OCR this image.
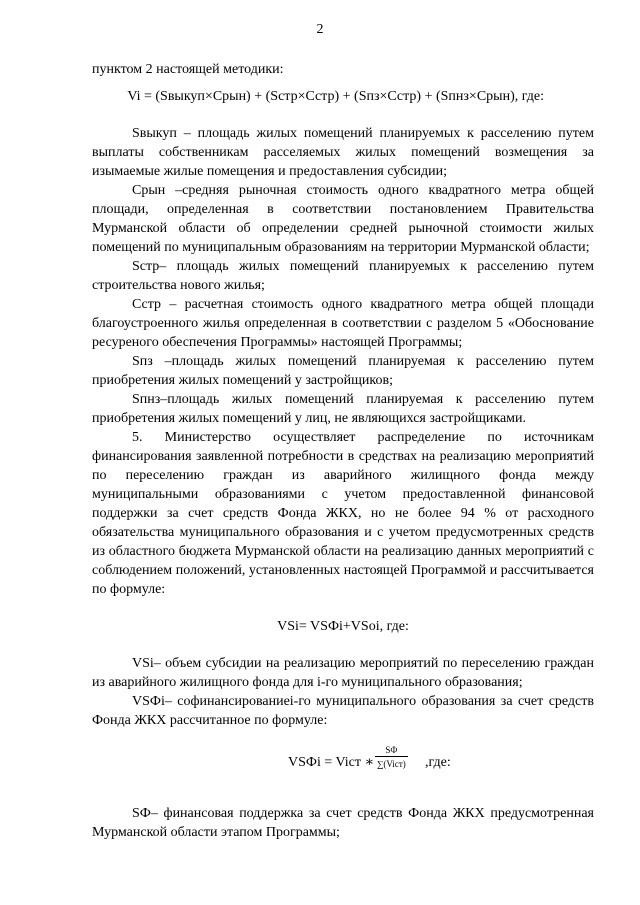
2

пунктом 2 настоящей методики:

Vi = (Sвыкуп×Срын) + (Sстр×Сстр) + (Sпз×Сстр) + (Sпнз×Срын), где:

Sвыкуп – площадь жилых помещений планируемых к расселению путем выплаты собственникам расселяемых жилых помещений возмещения за изымаемые жилые помещения и предоставления субсидии;

Срын –средняя рыночная стоимость одного квадратного метра общей площади, определенная в соответствии постановлением Правительства Мурманской области об определении средней рыночной стоимости жилых помещений по муниципальным образованиям на территории Мурманской области;

Sстр– площадь жилых помещений планируемых к расселению путем строительства нового жилья;

Сстр – расчетная стоимость одного квадратного метра общей площади благоустроенного жилья определенная в соответствии с разделом 5 «Обоснование ресуреного обеспечения Программы» настоящей Программы;

Sпз –площадь жилых помещений планируемая к расселению путем приобретения жилых помещений у застройщиков;

Sпнз–площадь жилых помещений планируемая к расселению путем приобретения жилых помещений у лиц, не являющихся застройщиками.

5. Министерство осуществляет распределение по источникам финансирования заявленной потребности в средствах на реализацию мероприятий по переселению граждан из аварийного жилищного фонда между муниципальными образованиями с учетом предоставленной финансовой поддержки за счет средств Фонда ЖКХ, но не более 94 % от расходного обязательства муниципального образования и с учетом предусмотренных средств из областного бюджета Мурманской области на реализацию данных мероприятий с соблюдением положений, установленных настоящей Программой и рассчитывается по формуле:

VSi= VSФi+VSoi, где:

VSi– объем субсидии на реализацию мероприятий по переселению граждан из аварийного жилищного фонда для i-го муниципального образования;

VSФi– софинансированиеi-го муниципального образования за счет средств Фонда ЖКХ рассчитанное по формуле:

VSФi = Viст ∗
SФ
∑(Viст) ,где:

SФ– финансовая поддержка за счет средств Фонда ЖКХ предусмотренная Мурманской области этапом Программы;
